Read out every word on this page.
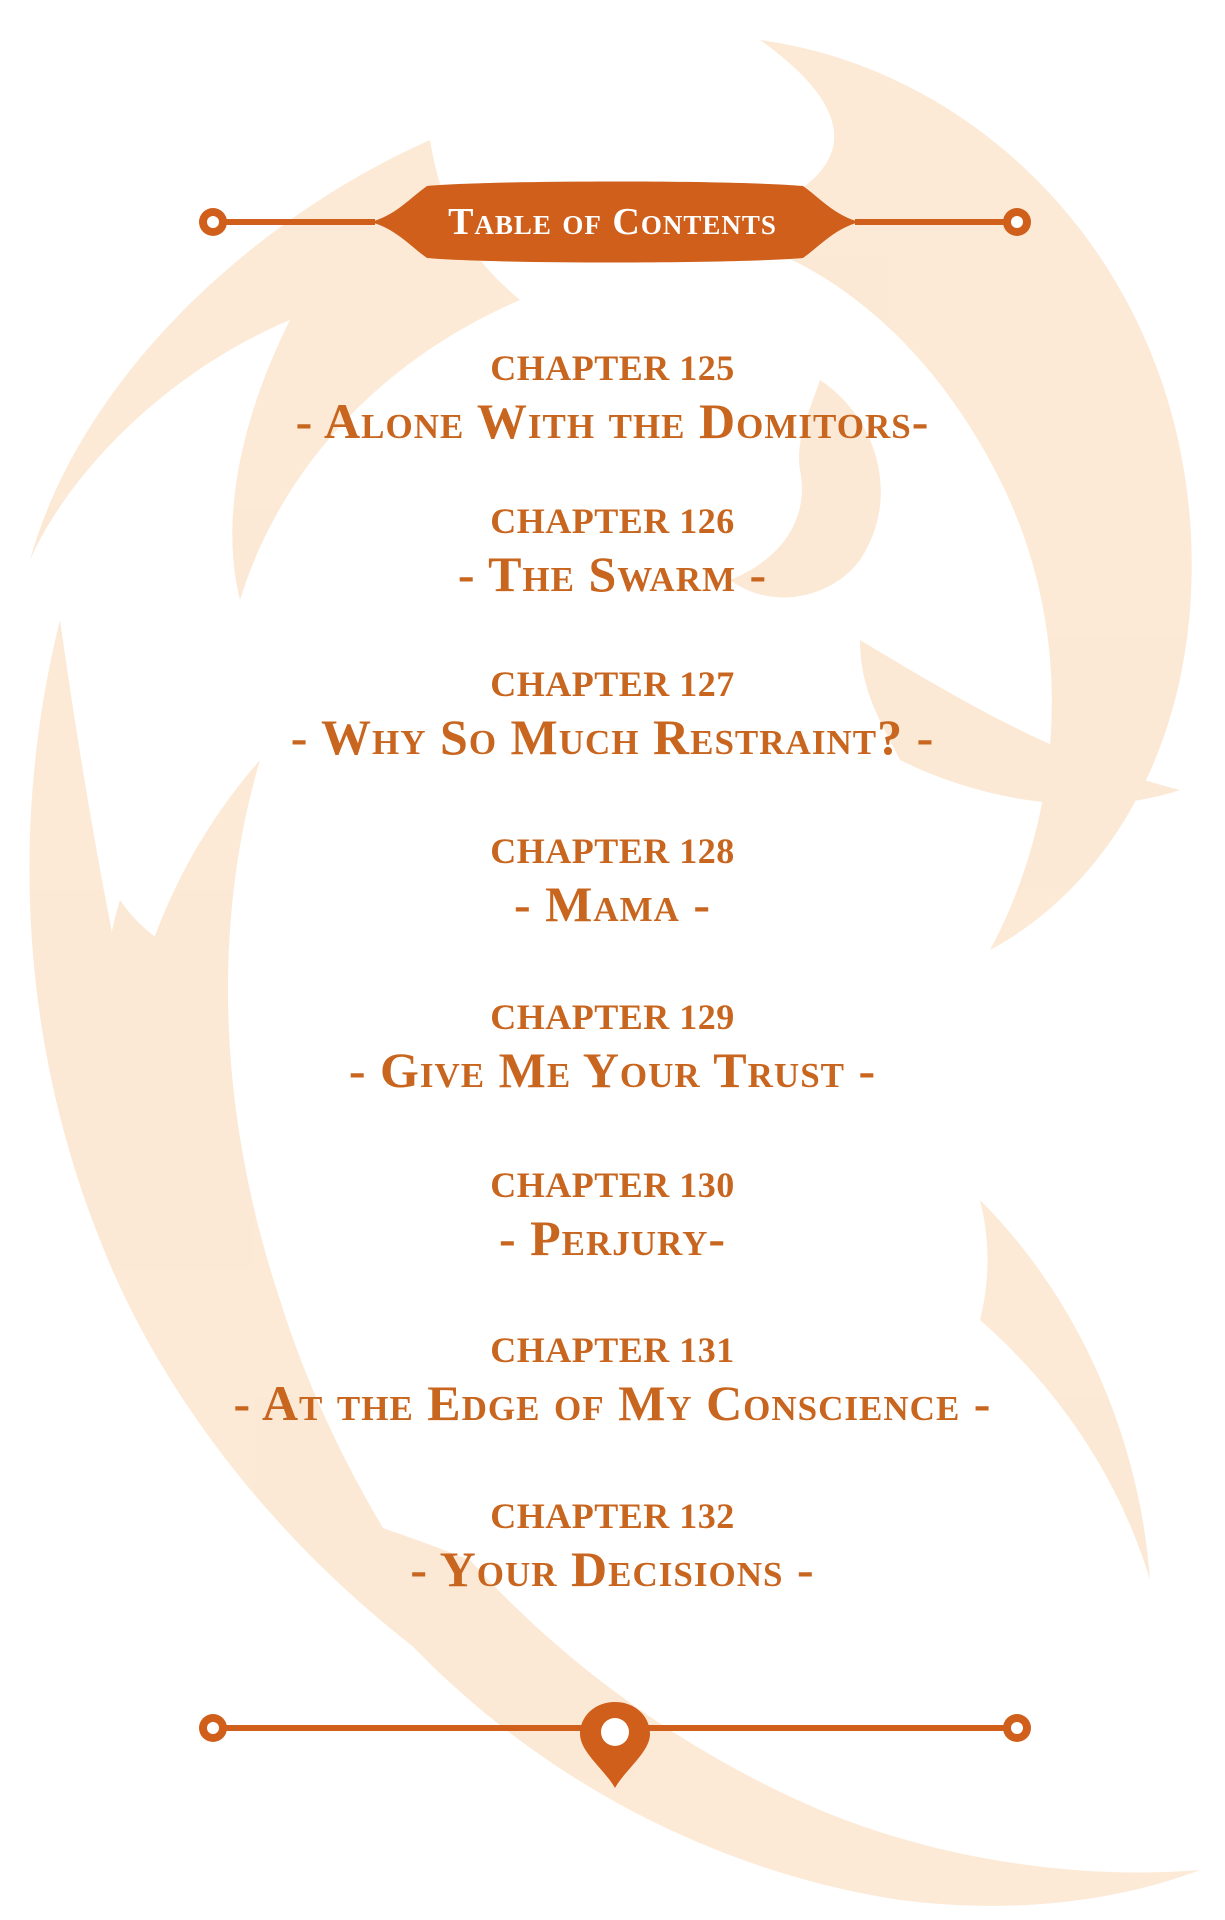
Table of Contents
CHAPTER 125
- Alone With the Domitors-
CHAPTER 126
- The Swarm -
CHAPTER 127
- Why So Much Restraint? -
CHAPTER 128
- Mama -
CHAPTER 129
- Give Me Your Trust -
CHAPTER 130
- Perjury-
CHAPTER 131
- At the Edge of My Conscience -
CHAPTER 132
- Your Decisions -
